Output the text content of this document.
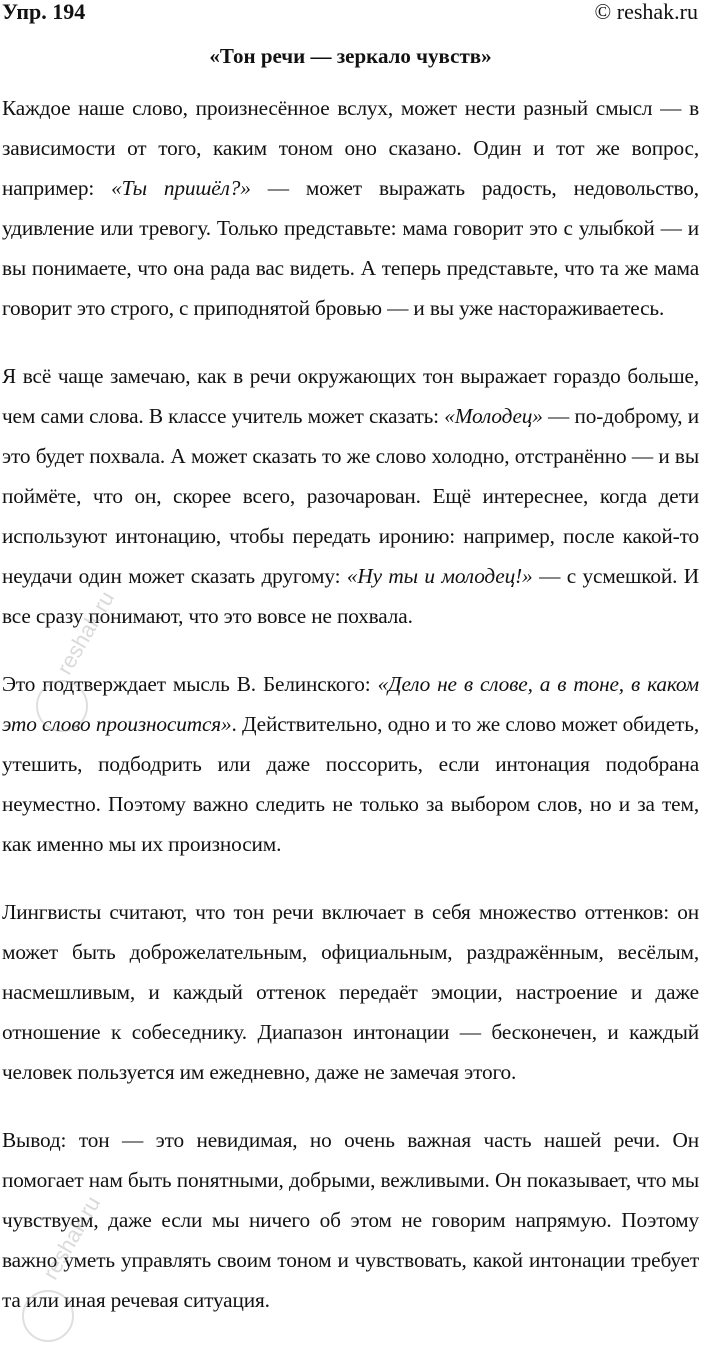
Упр. 194	© reshak.ru
«Тон речи — зеркало чувств»

Каждое наше слово, произнесённое вслух, может нести разный смысл — в зависимости от того, каким тоном оно сказано. Один и тот же вопрос, например: «Ты пришёл?» — может выражать радость, недовольство, удивление или тревогу. Только представьте: мама говорит это с улыбкой — и вы понимаете, что она рада вас видеть. А теперь представьте, что та же мама говорит это строго, с приподнятой бровью — и вы уже настораживаетесь.

Я всё чаще замечаю, как в речи окружающих тон выражает гораздо больше, чем сами слова. В классе учитель может сказать: «Молодец» — по-доброму, и это будет похвала. А может сказать то же слово холодно, отстранённо — и вы поймёте, что он, скорее всего, разочарован. Ещё интереснее, когда дети используют интонацию, чтобы передать иронию: например, после какой-то неудачи один может сказать другому: «Ну ты и молодец!» — с усмешкой. И все сразу понимают, что это вовсе не похвала.

Это подтверждает мысль В. Белинского: «Дело не в слове, а в тоне, в каком это слово произносится». Действительно, одно и то же слово может обидеть, утешить, подбодрить или даже поссорить, если интонация подобрана неуместно. Поэтому важно следить не только за выбором слов, но и за тем, как именно мы их произносим.

Лингвисты считают, что тон речи включает в себя множество оттенков: он может быть доброжелательным, официальным, раздражённым, весёлым, насмешливым, и каждый оттенок передаёт эмоции, настроение и даже отношение к собеседнику. Диапазон интонации — бесконечен, и каждый человек пользуется им ежедневно, даже не замечая этого.

Вывод: тон — это невидимая, но очень важная часть нашей речи. Он помогает нам быть понятными, добрыми, вежливыми. Он показывает, что мы чувствуем, даже если мы ничего об этом не говорим напрямую. Поэтому важно уметь управлять своим тоном и чувствовать, какой интонации требует та или иная речевая ситуация.

reshak.ru
reshak.ru
